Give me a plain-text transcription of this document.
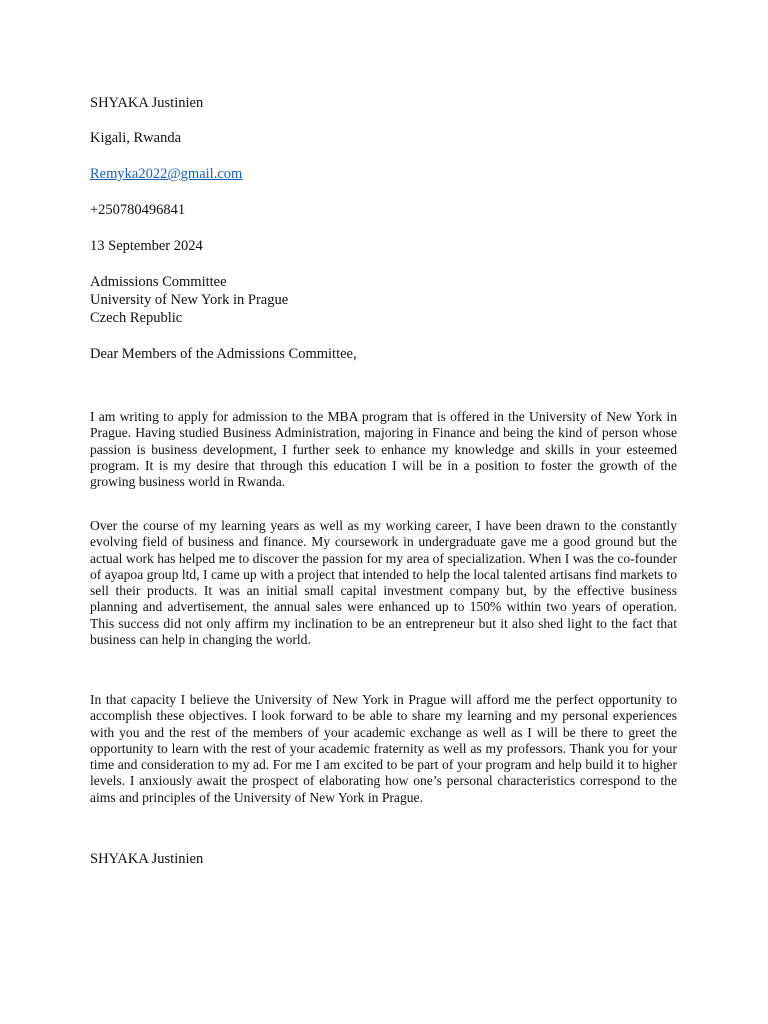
SHYAKA Justinien
Kigali, Rwanda
Remyka2022@gmail.com
+250780496841
13 September 2024
Admissions Committee
University of New York in Prague
Czech Republic
Dear Members of the Admissions Committee,

I am writing to apply for admission to the MBA program that is offered in the University of New York in Prague. Having studied Business Administration, majoring in Finance and being the kind of person whose passion is business development, I further seek to enhance my knowledge and skills in your esteemed program. It is my desire that through this education I will be in a position to foster the growth of the growing business world in Rwanda.

Over the course of my learning years as well as my working career, I have been drawn to the constantly evolving field of business and finance. My coursework in undergraduate gave me a good ground but the actual work has helped me to discover the passion for my area of specialization. When I was the co-founder of ayapoa group ltd, I came up with a project that intended to help the local talented artisans find markets to sell their products. It was an initial small capital investment company but, by the effective business planning and advertisement, the annual sales were enhanced up to 150% within two years of operation. This success did not only affirm my inclination to be an entrepreneur but it also shed light to the fact that business can help in changing the world.

In that capacity I believe the University of New York in Prague will afford me the perfect opportunity to accomplish these objectives. I look forward to be able to share my learning and my personal experiences with you and the rest of the members of your academic exchange as well as I will be there to greet the opportunity to learn with the rest of your academic fraternity as well as my professors. Thank you for your time and consideration to my ad. For me I am excited to be part of your program and help build it to higher levels. I anxiously await the prospect of elaborating how one’s personal characteristics correspond to the aims and principles of the University of New York in Prague.

SHYAKA Justinien
